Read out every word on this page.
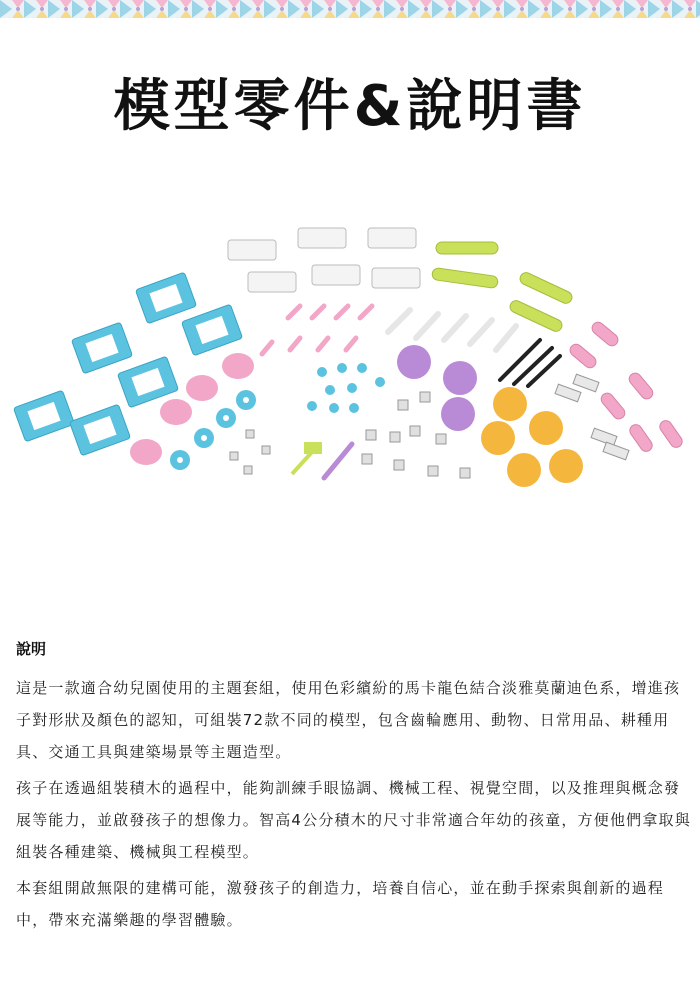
模型零件&說明書
說明

這是一款適合幼兒園使用的主題套組，使用色彩繽紛的馬卡龍色結合淡雅莫蘭迪色系，增進孩子對形狀及顏色的認知，可組裝72款不同的模型，包含齒輪應用、動物、日常用品、耕種用具、交通工具與建築場景等主題造型。

孩子在透過組裝積木的過程中，能夠訓練手眼協調、機械工程、視覺空間，以及推理與概念發展等能力，並啟發孩子的想像力。智高4公分積木的尺寸非常適合年幼的孩童，方便他們拿取與組裝各種建築、機械與工程模型。

本套組開啟無限的建構可能，激發孩子的創造力，培養自信心，並在動手探索與創新的過程中，帶來充滿樂趣的學習體驗。
